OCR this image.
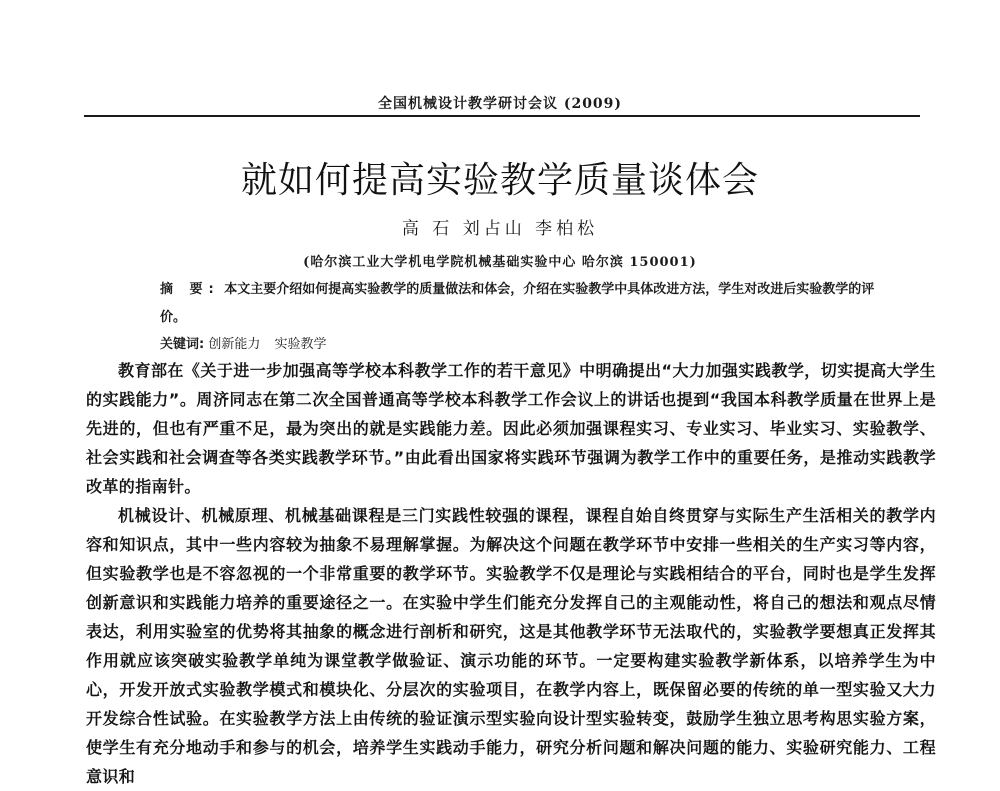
全国机械设计教学研讨会议 (2009)
就如何提高实验教学质量谈体会
高 石 刘占山 李柏松
(哈尔滨工业大学机电学院机械基础实验中心 哈尔滨 150001)
摘 要: 本文主要介绍如何提高实验教学的质量做法和体会，介绍在实验教学中具体改进方法，学生对改进后实验教学的评价。
关键词: 创新能力 实验教学

教育部在《关于进一步加强高等学校本科教学工作的若干意见》中明确提出“大力加强实践教学，切实提高大学生的实践能力”。周济同志在第二次全国普通高等学校本科教学工作会议上的讲话也提到“我国本科教学质量在世界上是先进的，但也有严重不足，最为突出的就是实践能力差。因此必须加强课程实习、专业实习、毕业实习、实验教学、社会实践和社会调查等各类实践教学环节。”由此看出国家将实践环节强调为教学工作中的重要任务，是推动实践教学改革的指南针。

机械设计、机械原理、机械基础课程是三门实践性较强的课程，课程自始自终贯穿与实际生产生活相关的教学内容和知识点，其中一些内容较为抽象不易理解掌握。为解决这个问题在教学环节中安排一些相关的生产实习等内容，但实验教学也是不容忽视的一个非常重要的教学环节。实验教学不仅是理论与实践相结合的平台，同时也是学生发挥创新意识和实践能力培养的重要途径之一。在实验中学生们能充分发挥自己的主观能动性，将自己的想法和观点尽情表达，利用实验室的优势将其抽象的概念进行剖析和研究，这是其他教学环节无法取代的，实验教学要想真正发挥其作用就应该突破实验教学单纯为课堂教学做验证、演示功能的环节。一定要构建实验教学新体系，以培养学生为中心，开发开放式实验教学模式和模块化、分层次的实验项目，在教学内容上，既保留必要的传统的单一型实验又大力开发综合性试验。在实验教学方法上由传统的验证演示型实验向设计型实验转变，鼓励学生独立思考构思实验方案，使学生有充分地动手和参与的机会，培养学生实践动手能力，研究分析问题和解决问题的能力、实验研究能力、工程意识和
